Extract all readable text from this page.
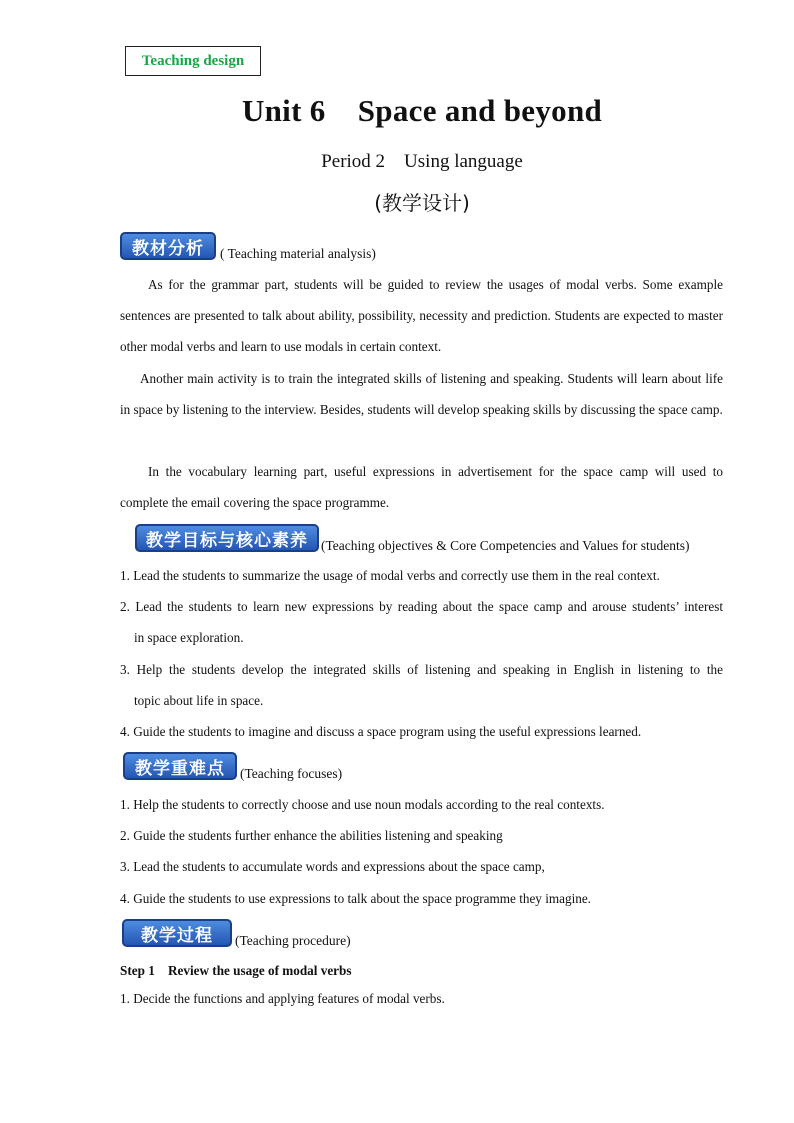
Teaching design
Unit 6    Space and beyond
Period 2    Using language
(教学设计)
教材分析	( Teaching material analysis)
As for the grammar part, students will be guided to review the usages of modal verbs. Some example sentences are presented to talk about ability, possibility, necessity and prediction. Students are expected to master other modal verbs and learn to use modals in certain context.
Another main activity is to train the integrated skills of listening and speaking. Students will learn about life in space by listening to the interview. Besides, students will develop speaking skills by discussing the space camp.
In the vocabulary learning part, useful expressions in advertisement for the space camp will used to complete the email covering the space programme.
教学目标与核心素养 (Teaching objectives & Core Competencies and Values for students)
1. Lead the students to summarize the usage of modal verbs and correctly use them in the real context.
2. Lead the students to learn new expressions by reading about the space camp and arouse students’ interest
in space exploration.
3. Help the students develop the integrated skills of listening and speaking in English in listening to the
topic about life in space.
4. Guide the students to imagine and discuss a space program using the useful expressions learned.
教学重难点	(Teaching focuses)
1. Help the students to correctly choose and use noun modals according to the real contexts.
2. Guide the students further enhance the abilities listening and speaking
3. Lead the students to accumulate words and expressions about the space camp,
4. Guide the students to use expressions to talk about the space programme they imagine.
教学过程	(Teaching procedure)
Step 1    Review the usage of modal verbs
1. Decide the functions and applying features of modal verbs.
